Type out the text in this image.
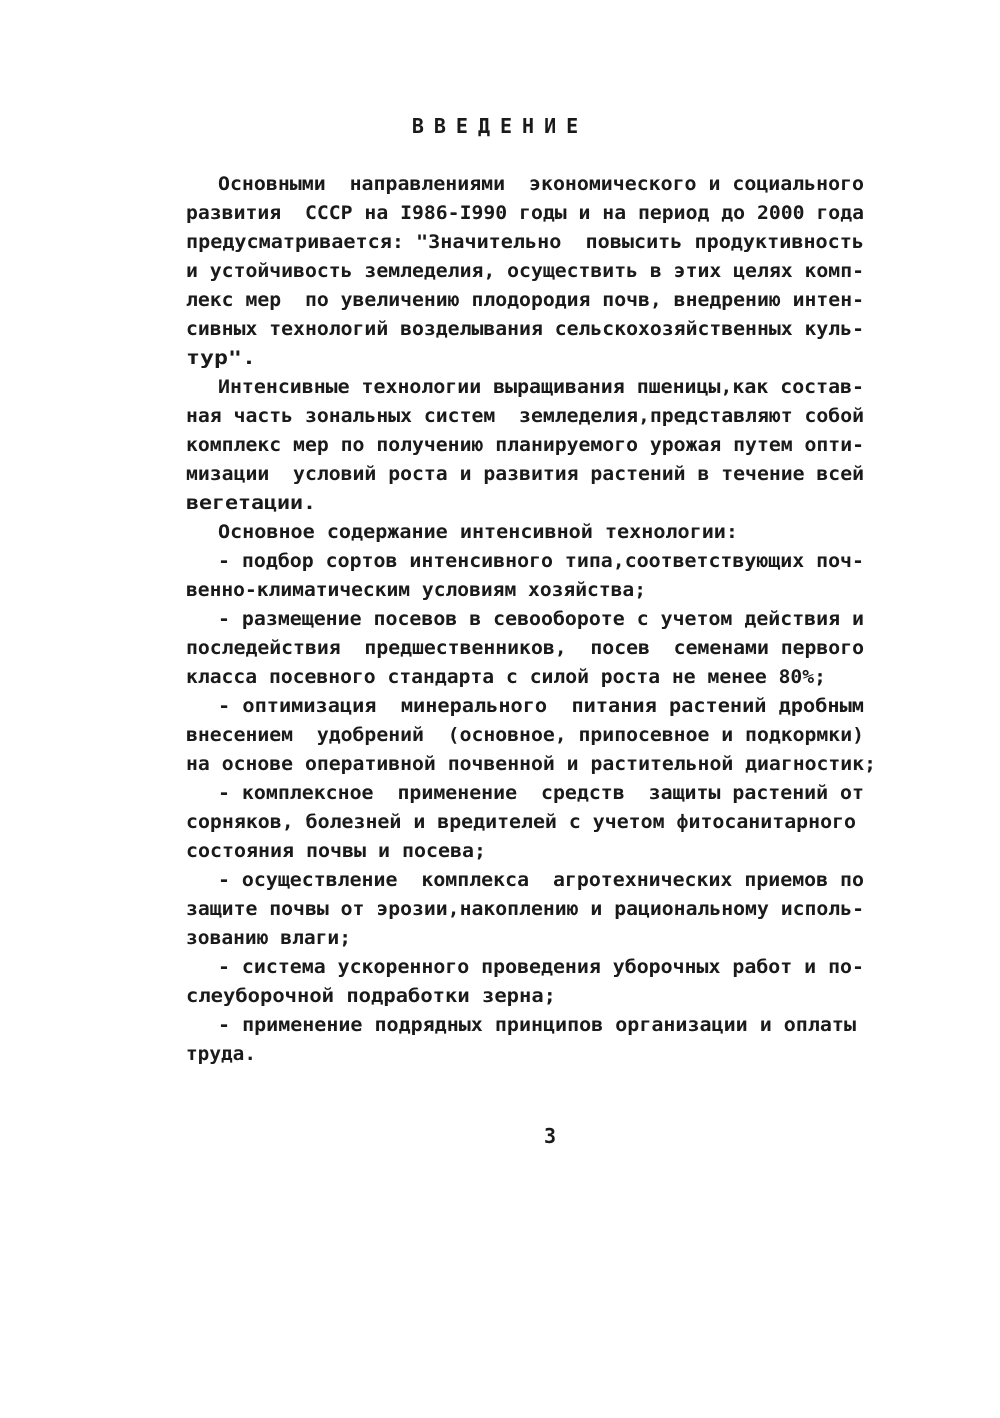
ВВЕДЕНИЕ
Основными  направлениями  экономического и социального
развития  СССР на I986-I990 годы и на период до 2000 года
предусматривается: "Значительно  повысить продуктивность
и устойчивость земледелия, осуществить в этих целях комп-
лекс мер  по увеличению плодородия почв, внедрению интен-
сивных технологий возделывания сельскохозяйственных куль-
тур".
Интенсивные технологии выращивания пшеницы,как состав-
ная часть зональных систем  земледелия,представляют собой
комплекс мер по получению планируемого урожая путем опти-
мизации  условий роста и развития растений в течение всей
вегетации.
Основное содержание интенсивной технологии:
- подбор сортов интенсивного типа,соответствующих поч-
венно-климатическим условиям хозяйства;
- размещение посевов в севообороте с учетом действия и
последействия  предшественников,  посев  семенами первого
класса посевного стандарта с силой роста не менее 80%;
- оптимизация  минерального  питания растений дробным
внесением  удобрений  (основное, припосевное и подкормки)
на основе оперативной почвенной и растительной диагностик;
- комплексное  применение  средств  защиты растений от
сорняков, болезней и вредителей с учетом фитосанитарного
состояния почвы и посева;
- осуществление  комплекса  агротехнических приемов по
защите почвы от эрозии,накоплению и рациональному исполь-
зованию влаги;
- система ускоренного проведения уборочных работ и по-
слеуборочной подработки зерна;
- применение подрядных принципов организации и оплаты
труда.
3
